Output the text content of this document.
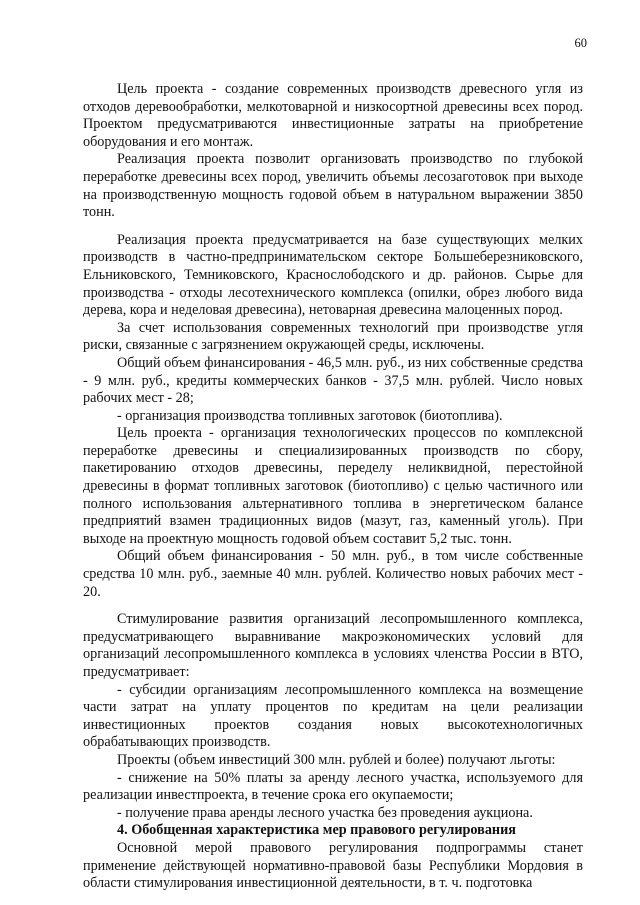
60

Цель проекта - создание современных производств древесного угля из отходов деревообработки, мелкотоварной и низкосортной древесины всех пород. Проектом предусматриваются инвестиционные затраты на приобретение оборудования и его монтаж.

Реализация проекта позволит организовать производство по глубокой переработке древесины всех пород, увеличить объемы лесозаготовок при выходе на производственную мощность годовой объем в натуральном выражении 3850 тонн.

Реализация проекта предусматривается на базе существующих мелких производств в частно-предпринимательском секторе Большеберезниковского, Ельниковского, Темниковского, Краснослободского и др. районов. Сырье для производства - отходы лесотехнического комплекса (опилки, обрез любого вида дерева, кора и неделовая древесина), нетоварная древесина малоценных пород.

За счет использования современных технологий при производстве угля риски, связанные с загрязнением окружающей среды, исключены.

Общий объем финансирования - 46,5 млн. руб., из них собственные средства - 9 млн. руб., кредиты коммерческих банков - 37,5 млн. рублей. Число новых рабочих мест - 28;

- организация производства топливных заготовок (биотоплива).

Цель проекта - организация технологических процессов по комплексной переработке древесины и специализированных производств по сбору, пакетированию отходов древесины, переделу неликвидной, перестойной древесины в формат топливных заготовок (биотопливо) с целью частичного или полного использования альтернативного топлива в энергетическом балансе предприятий взамен традиционных видов (мазут, газ, каменный уголь). При выходе на проектную мощность годовой объем составит 5,2 тыс. тонн.

Общий объем финансирования - 50 млн. руб., в том числе собственные средства 10 млн. руб., заемные 40 млн. рублей. Количество новых рабочих мест - 20.

Стимулирование развития организаций лесопромышленного комплекса, предусматривающего выравнивание макроэкономических условий для организаций лесопромышленного комплекса в условиях членства России в ВТО, предусматривает:

- субсидии организациям лесопромышленного комплекса на возмещение части затрат на уплату процентов по кредитам на цели реализации инвестиционных проектов создания новых высокотехнологичных обрабатывающих производств.

Проекты (объем инвестиций 300 млн. рублей и более) получают льготы:

- снижение на 50% платы за аренду лесного участка, используемого для реализации инвестпроекта, в течение срока его окупаемости;

- получение права аренды лесного участка без проведения аукциона.

4. Обобщенная характеристика мер правового регулирования

Основной мерой правового регулирования подпрограммы станет применение действующей нормативно-правовой базы Республики Мордовия в области стимулирования инвестиционной деятельности, в т. ч. подготовка
